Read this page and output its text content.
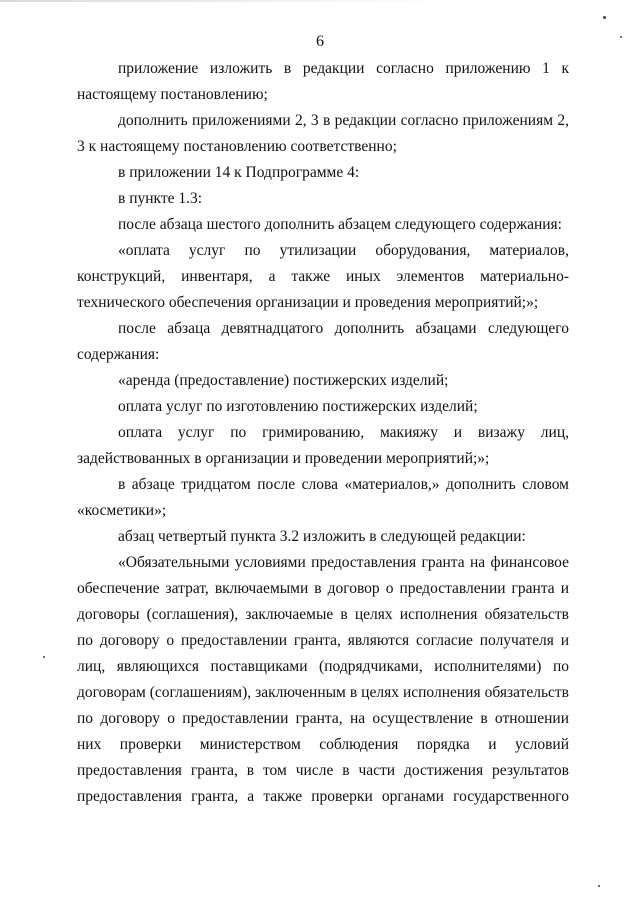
6

приложение изложить в редакции согласно приложению 1 к настоящему постановлению;

дополнить приложениями 2, 3 в редакции согласно приложениям 2, 3 к настоящему постановлению соответственно;

в приложении 14 к Подпрограмме 4:

в пункте 1.3:

после абзаца шестого дополнить абзацем следующего содержания:

«оплата услуг по утилизации оборудования, материалов, конструкций, инвентаря, а также иных элементов материально-технического обеспечения организации и проведения мероприятий;»;

после абзаца девятнадцатого дополнить абзацами следующего содержания:

«аренда (предоставление) постижерских изделий;

оплата услуг по изготовлению постижерских изделий;

оплата услуг по гримированию, макияжу и визажу лиц, задействованных в организации и проведении мероприятий;»;

в абзаце тридцатом после слова «материалов,» дополнить словом «косметики»;

абзац четвертый пункта 3.2 изложить в следующей редакции:

«Обязательными условиями предоставления гранта на финансовое обеспечение затрат, включаемыми в договор о предоставлении гранта и договоры (соглашения), заключаемые в целях исполнения обязательств по договору о предоставлении гранта, являются согласие получателя и лиц, являющихся поставщиками (подрядчиками, исполнителями) по договорам (соглашениям), заключенным в целях исполнения обязательств по договору о предоставлении гранта, на осуществление в отношении них проверки министерством соблюдения порядка и условий предоставления гранта, в том числе в части достижения результатов предоставления гранта, а также проверки органами государственного
